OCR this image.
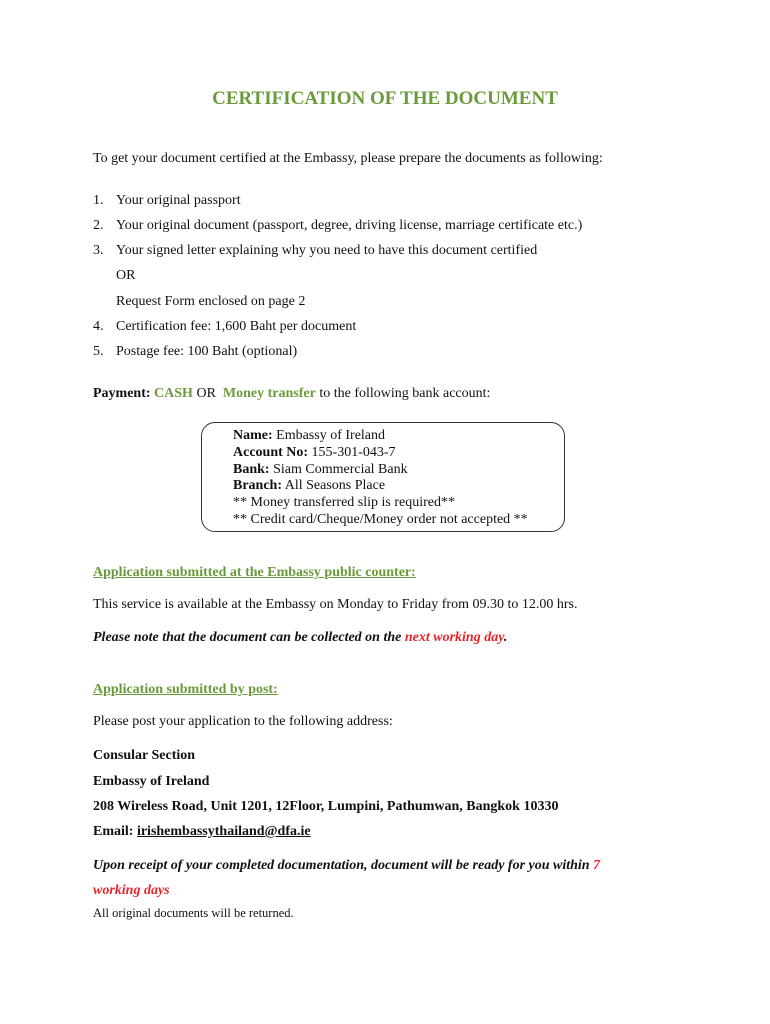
CERTIFICATION OF THE DOCUMENT
To get your document certified at the Embassy, please prepare the documents as following:
1. Your original passport
2. Your original document (passport, degree, driving license, marriage certificate etc.)
3. Your signed letter explaining why you need to have this document certified
OR
Request Form enclosed on page 2
4. Certification fee: 1,600 Baht per document
5. Postage fee: 100 Baht (optional)
Payment: CASH OR Money transfer to the following bank account:
Name: Embassy of Ireland
Account No: 155-301-043-7
Bank: Siam Commercial Bank
Branch: All Seasons Place
** Money transferred slip is required**
** Credit card/Cheque/Money order not accepted **
Application submitted at the Embassy public counter:
This service is available at the Embassy on Monday to Friday from 09.30 to 12.00 hrs.
Please note that the document can be collected on the next working day.
Application submitted by post:
Please post your application to the following address:
Consular Section
Embassy of Ireland
208 Wireless Road, Unit 1201, 12Floor, Lumpini, Pathumwan, Bangkok 10330
Email: irishembassythailand@dfa.ie
Upon receipt of your completed documentation, document will be ready for you within 7
working days
All original documents will be returned.
